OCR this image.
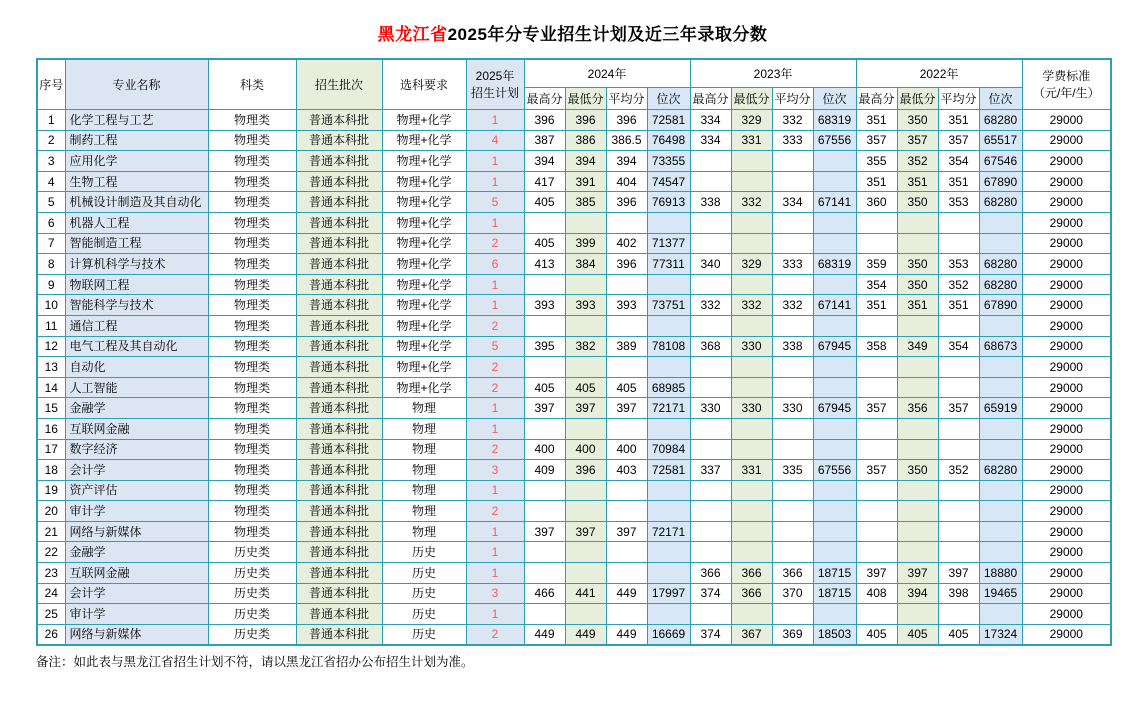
黑龙江省2025年分专业招生计划及近三年录取分数
序号	专业名称	科类	招生批次	选科要求	2025年
招生计划	2024年				2023年				2022年				学费标准
（元/年/生）
						最高分	最低分	平均分	位次	最高分	最低分	平均分	位次	最高分	最低分	平均分	位次	
1	化学工程与工艺	物理类	普通本科批	物理+化学	1	396	396	396	72581	334	329	332	68319	351	350	351	68280	29000
2	制药工程	物理类	普通本科批	物理+化学	4	387	386	386.5	76498	334	331	333	67556	357	357	357	65517	29000
3	应用化学	物理类	普通本科批	物理+化学	1	394	394	394	73355					355	352	354	67546	29000
4	生物工程	物理类	普通本科批	物理+化学	1	417	391	404	74547					351	351	351	67890	29000
5	机械设计制造及其自动化	物理类	普通本科批	物理+化学	5	405	385	396	76913	338	332	334	67141	360	350	353	68280	29000
6	机器人工程	物理类	普通本科批	物理+化学	1													29000
7	智能制造工程	物理类	普通本科批	物理+化学	2	405	399	402	71377									29000
8	计算机科学与技术	物理类	普通本科批	物理+化学	6	413	384	396	77311	340	329	333	68319	359	350	353	68280	29000
9	物联网工程	物理类	普通本科批	物理+化学	1									354	350	352	68280	29000
10	智能科学与技术	物理类	普通本科批	物理+化学	1	393	393	393	73751	332	332	332	67141	351	351	351	67890	29000
11	通信工程	物理类	普通本科批	物理+化学	2													29000
12	电气工程及其自动化	物理类	普通本科批	物理+化学	5	395	382	389	78108	368	330	338	67945	358	349	354	68673	29000
13	自动化	物理类	普通本科批	物理+化学	2													29000
14	人工智能	物理类	普通本科批	物理+化学	2	405	405	405	68985									29000
15	金融学	物理类	普通本科批	物理	1	397	397	397	72171	330	330	330	67945	357	356	357	65919	29000
16	互联网金融	物理类	普通本科批	物理	1													29000
17	数字经济	物理类	普通本科批	物理	2	400	400	400	70984									29000
18	会计学	物理类	普通本科批	物理	3	409	396	403	72581	337	331	335	67556	357	350	352	68280	29000
19	资产评估	物理类	普通本科批	物理	1													29000
20	审计学	物理类	普通本科批	物理	2													29000
21	网络与新媒体	物理类	普通本科批	物理	1	397	397	397	72171									29000
22	金融学	历史类	普通本科批	历史	1													29000
23	互联网金融	历史类	普通本科批	历史	1					366	366	366	18715	397	397	397	18880	29000
24	会计学	历史类	普通本科批	历史	3	466	441	449	17997	374	366	370	18715	408	394	398	19465	29000
25	审计学	历史类	普通本科批	历史	1													29000
26	网络与新媒体	历史类	普通本科批	历史	2	449	449	449	16669	374	367	369	18503	405	405	405	17324	29000
备注：如此表与黑龙江省招生计划不符，请以黑龙江省招办公布招生计划为准。
